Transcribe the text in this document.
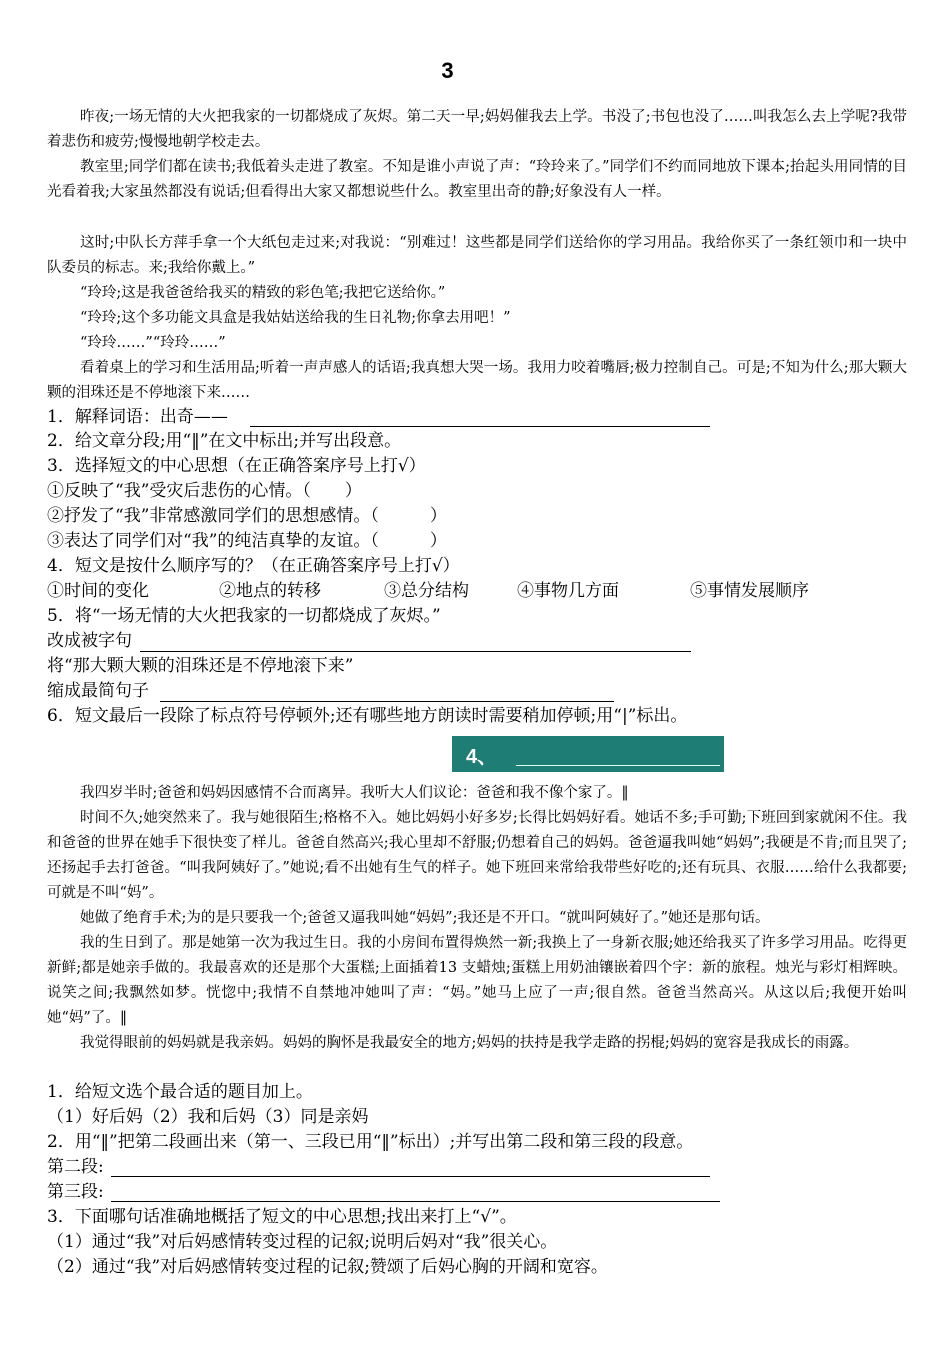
3

昨夜;一场无情的大火把我家的一切都烧成了灰烬。第二天一早;妈妈催我去上学。书没了;书包也没了……叫我怎么去上学呢?我带着悲伤和疲劳;慢慢地朝学校走去。

教室里;同学们都在读书;我低着头走进了教室。不知是谁小声说了声：“玲玲来了。”同学们不约而同地放下课本;抬起头用同情的目光看着我;大家虽然都没有说话;但看得出大家又都想说些什么。教室里出奇的静;好象没有人一样。

这时;中队长方萍手拿一个大纸包走过来;对我说：“别难过！这些都是同学们送给你的学习用品。我给你买了一条红领巾和一块中队委员的标志。来;我给你戴上。”

“玲玲;这是我爸爸给我买的精致的彩色笔;我把它送给你。”

“玲玲;这个多功能文具盒是我姑姑送给我的生日礼物;你拿去用吧！”

“玲玲……”“玲玲……”

看着桌上的学习和生活用品;听着一声声感人的话语;我真想大哭一场。我用力咬着嘴唇;极力控制自己。可是;不知为什么;那大颗大颗的泪珠还是不停地滚下来……

1．解释词语：出奇——
2．给文章分段;用“‖”在文中标出;并写出段意。
3．选择短文的中心思想（在正确答案序号上打√）
①反映了“我”受灾后悲伤的心情。（　　）
②抒发了“我”非常感激同学们的思想感情。（　　　）
③表达了同学们对“我”的纯洁真挚的友谊。（　　　）
4．短文是按什么顺序写的？（在正确答案序号上打√）
①时间的变化	②地点的转移	③总分结构	④事物几方面	⑤事情发展顺序
5．将“一场无情的大火把我家的一切都烧成了灰烬。”
改成被字句
将“那大颗大颗的泪珠还是不停地滚下来”
缩成最简句子
6．短文最后一段除了标点符号停顿外;还有哪些地方朗读时需要稍加停顿;用“|”标出。
4、

我四岁半时;爸爸和妈妈因感情不合而离异。我听大人们议论：爸爸和我不像个家了。‖

时间不久;她突然来了。我与她很陌生;格格不入。她比妈妈小好多岁;长得比妈妈好看。她话不多;手可勤;下班回到家就闲不住。我和爸爸的世界在她手下很快变了样儿。爸爸自然高兴;我心里却不舒服;仍想着自己的妈妈。爸爸逼我叫她“妈妈”;我硬是不肯;而且哭了;还扬起手去打爸爸。“叫我阿姨好了。”她说;看不出她有生气的样子。她下班回来常给我带些好吃的;还有玩具、衣服……给什么我都要;可就是不叫“妈”。

她做了绝育手术;为的是只要我一个;爸爸又逼我叫她“妈妈”;我还是不开口。“就叫阿姨好了。”她还是那句话。

我的生日到了。那是她第一次为我过生日。我的小房间布置得焕然一新;我换上了一身新衣服;她还给我买了许多学习用品。吃得更新鲜;都是她亲手做的。我最喜欢的还是那个大蛋糕;上面插着13 支蜡烛;蛋糕上用奶油镶嵌着四个字：新的旅程。烛光与彩灯相辉映。说笑之间;我飘然如梦。恍惚中;我情不自禁地冲她叫了声：“妈。”她马上应了一声;很自然。爸爸当然高兴。从这以后;我便开始叫她“妈”了。‖

我觉得眼前的妈妈就是我亲妈。妈妈的胸怀是我最安全的地方;妈妈的扶持是我学走路的拐棍;妈妈的宽容是我成长的雨露。

1．给短文选个最合适的题目加上。
（1）好后妈（2）我和后妈（3）同是亲妈
2．用“‖”把第二段画出来（第一、三段已用“‖”标出）;并写出第二段和第三段的段意。
第二段:
第三段:
3．下面哪句话准确地概括了短文的中心思想;找出来打上“√”。
（1）通过“我”对后妈感情转变过程的记叙;说明后妈对“我”很关心。
（2）通过“我”对后妈感情转变过程的记叙;赞颂了后妈心胸的开阔和宽容。
